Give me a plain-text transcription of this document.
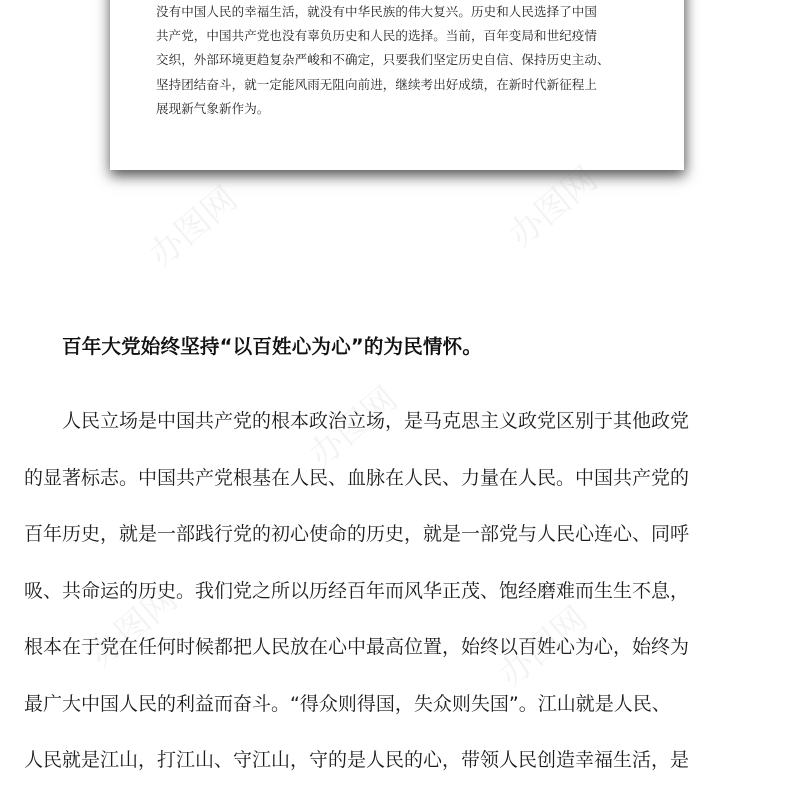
没有中国人民的幸福生活，就没有中华民族的伟大复兴。历史和人民选择了中国
共产党，中国共产党也没有辜负历史和人民的选择。当前，百年变局和世纪疫情
交织，外部环境更趋复杂严峻和不确定，只要我们坚定历史自信、保持历史主动、
坚持团结奋斗，就一定能风雨无阻向前进，继续考出好成绩，在新时代新征程上
展现新气象新作为。

办图网	办图网
办图网
办图网	办图网
百年大党始终坚持“以百姓心为心”的为民情怀。

人民立场是中国共产党的根本政治立场，是马克思主义政党区别于其他政党
的显著标志。中国共产党根基在人民、血脉在人民、力量在人民。中国共产党的
百年历史，就是一部践行党的初心使命的历史，就是一部党与人民心连心、同呼
吸、共命运的历史。我们党之所以历经百年而风华正茂、饱经磨难而生生不息，
根本在于党在任何时候都把人民放在心中最高位置，始终以百姓心为心，始终为
最广大中国人民的利益而奋斗。“得众则得国，失众则失国”。江山就是人民、
人民就是江山，打江山、守江山，守的是人民的心，带领人民创造幸福生活，是
